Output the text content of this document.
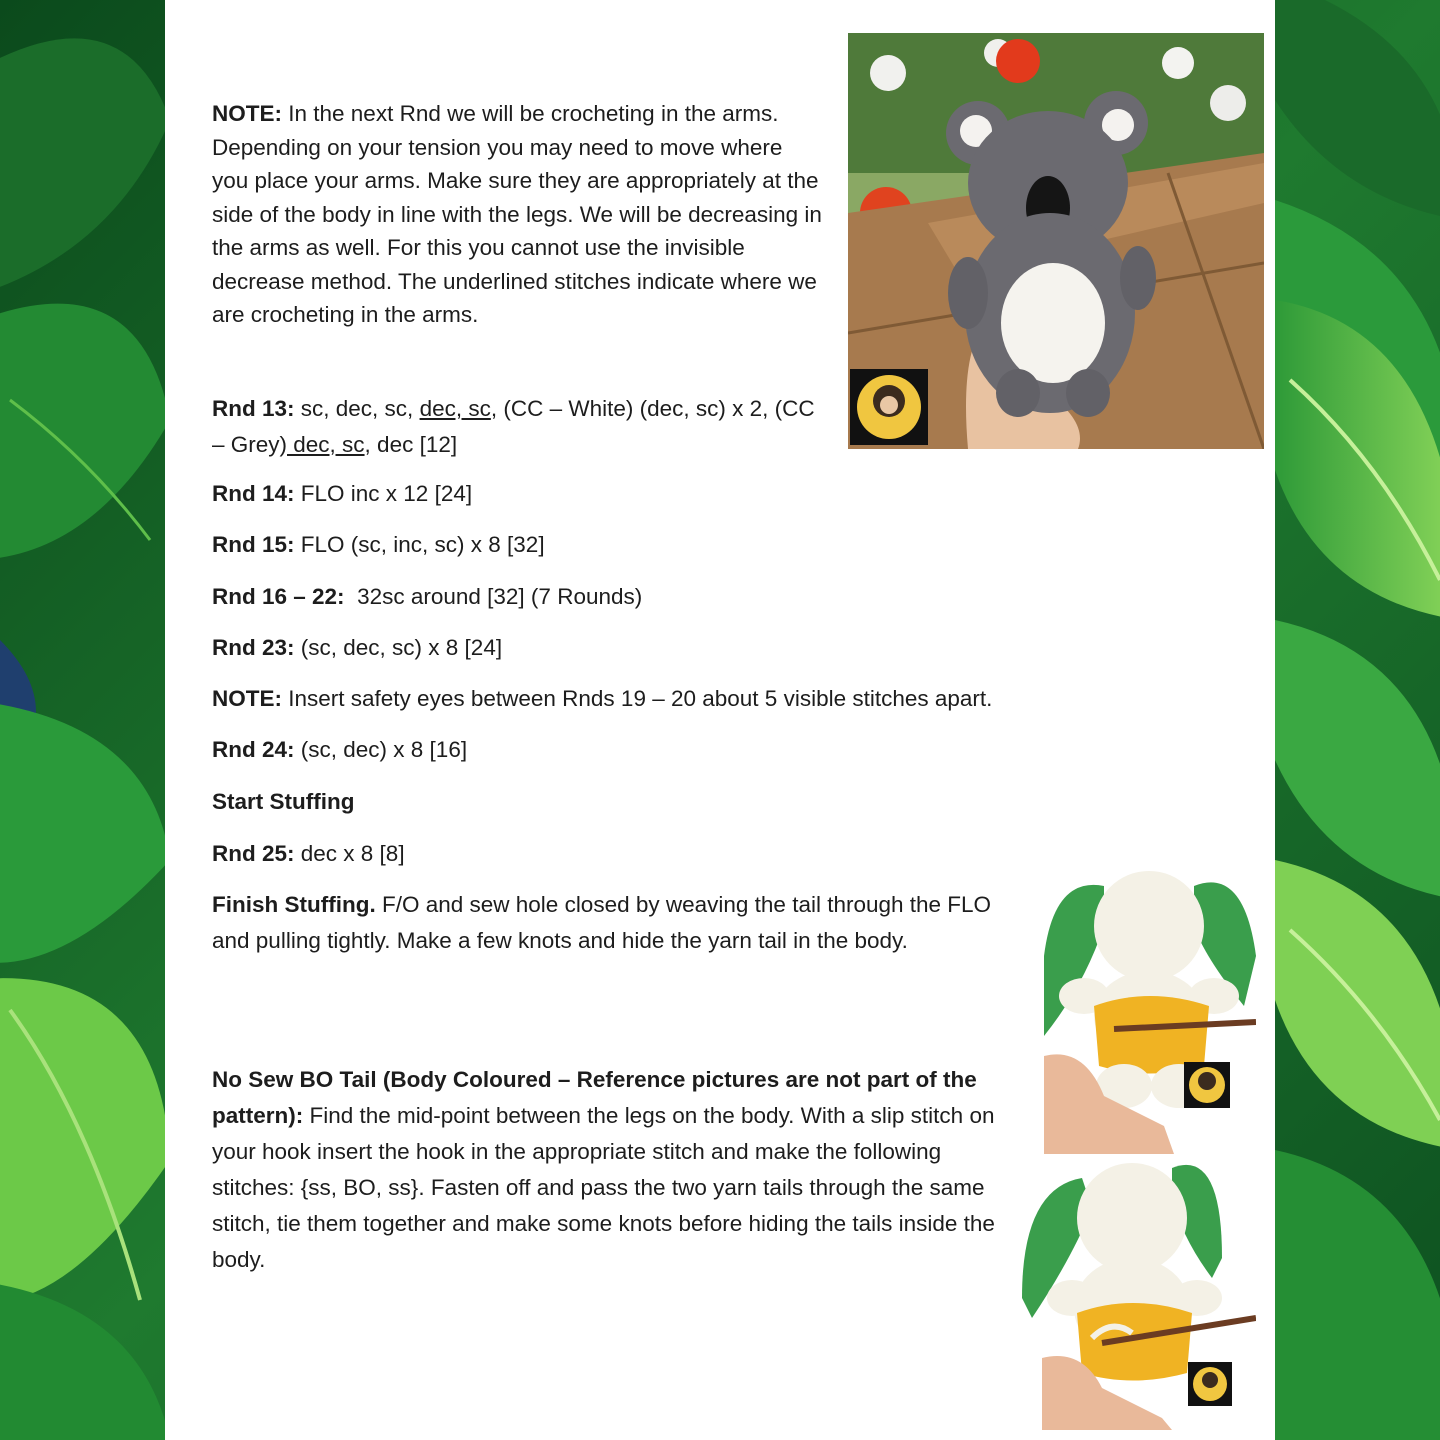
NOTE: In the next Rnd we will be crocheting in the arms. Depending on your tension you may need to move where you place your arms. Make sure they are appropriately at the side of the body in line with the legs. We will be decreasing in the arms as well. For this you cannot use the invisible decrease method. The underlined stitches indicate where we are crocheting in the arms.

Rnd 13: sc, dec, sc, dec, sc, (CC – White) (dec, sc) x 2, (CC – Grey) dec, sc, dec [12]

Rnd 14: FLO inc x 12 [24]

Rnd 15: FLO (sc, inc, sc) x 8 [32]

Rnd 16 – 22:  32sc around [32] (7 Rounds)

Rnd 23: (sc, dec, sc) x 8 [24]

NOTE: Insert safety eyes between Rnds 19 – 20 about 5 visible stitches apart.

Rnd 24: (sc, dec) x 8 [16]

Start Stuffing

Rnd 25: dec x 8 [8]

Finish Stuffing. F/O and sew hole closed by weaving the tail through the FLO and pulling tightly. Make a few knots and hide the yarn tail in the body.

No Sew BO Tail (Body Coloured – Reference pictures are not part of the pattern): Find the mid-point between the legs on the body. With a slip stitch on your hook insert the hook in the appropriate stitch and make the following stitches: {ss, BO, ss}. Fasten off and pass the two yarn tails through the same stitch, tie them together and make some knots before hiding the tails inside the body.
